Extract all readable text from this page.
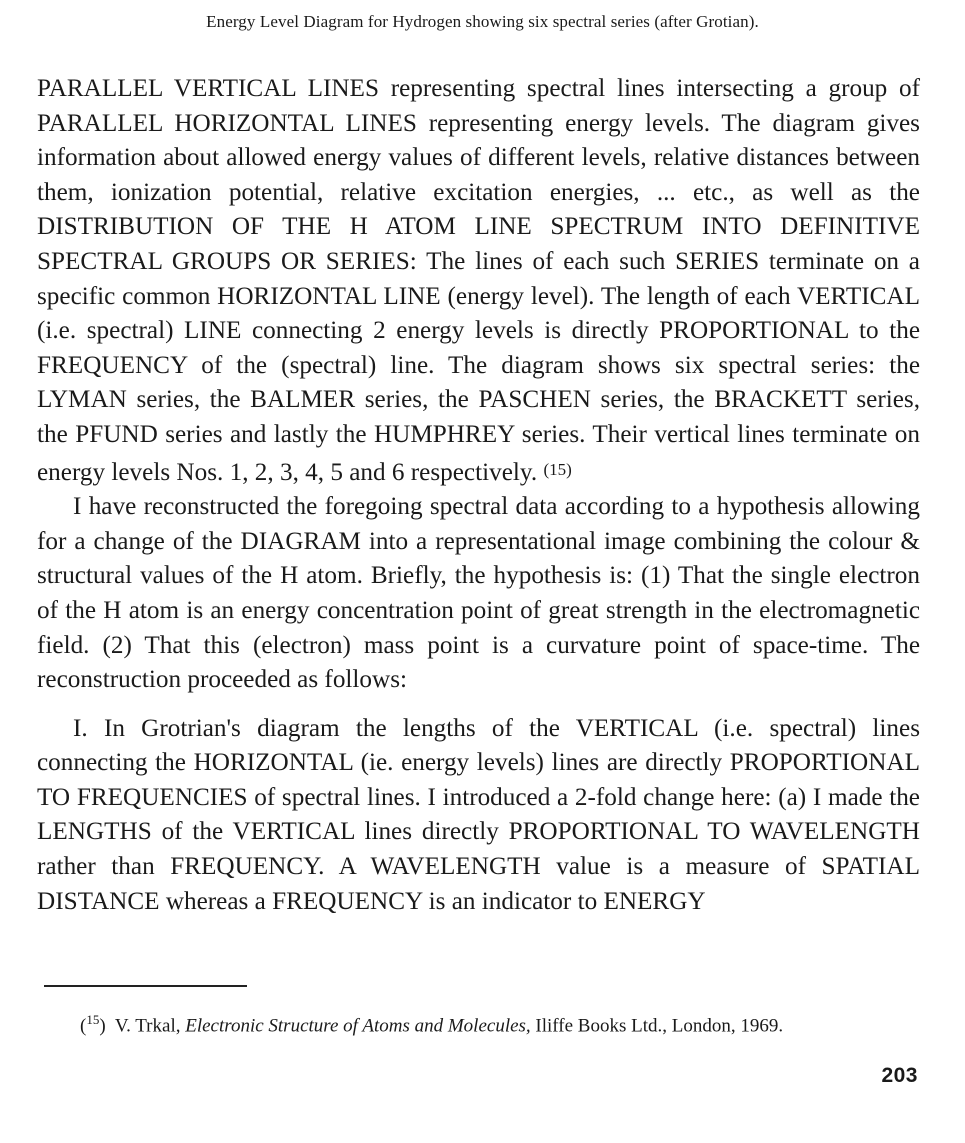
Energy Level Diagram for Hydrogen showing six spectral series (after Grotian).

PARALLEL VERTICAL LINES representing spectral lines intersecting a group of PARALLEL HORIZONTAL LINES representing energy levels. The diagram gives information about allowed energy values of different levels, relative distances between them, ionization potential, relative excitation energies, ... etc., as well as the DISTRIBUTION OF THE H ATOM LINE SPECTRUM INTO DEFINITIVE SPECTRAL GROUPS OR SERIES: The lines of each such SERIES terminate on a specific common HORIZONTAL LINE (energy level). The length of each VERTICAL (i.e. spectral) LINE connecting 2 energy levels is directly PROPORTIONAL to the FREQUENCY of the (spectral) line. The diagram shows six spectral series: the LYMAN series, the BALMER series, the PASCHEN series, the BRACKETT series, the PFUND series and lastly the HUMPHREY series. Their vertical lines terminate on energy levels Nos. 1, 2, 3, 4, 5 and 6 respectively. (15)

I have reconstructed the foregoing spectral data according to a hypothesis allowing for a change of the DIAGRAM into a representational image combining the colour & structural values of the H atom. Briefly, the hypothesis is: (1) That the single electron of the H atom is an energy concentration point of great strength in the electromagnetic field. (2) That this (electron) mass point is a curvature point of space-time. The reconstruction proceeded as follows:

I. In Grotrian's diagram the lengths of the VERTICAL (i.e. spectral) lines connecting the HORIZONTAL (ie. energy levels) lines are directly PROPORTIONAL TO FREQUENCIES of spectral lines. I introduced a 2-fold change here: (a) I made the LENGTHS of the VERTICAL lines directly PROPORTIONAL TO WAVELENGTH rather than FREQUENCY. A WAVELENGTH value is a measure of SPATIAL DISTANCE whereas a FREQUENCY is an indicator to ENERGY

($^{15}$)  V. Trkal, Electronic Structure of Atoms and Molecules, Iliffe Books Ltd., London, 1969.
203
